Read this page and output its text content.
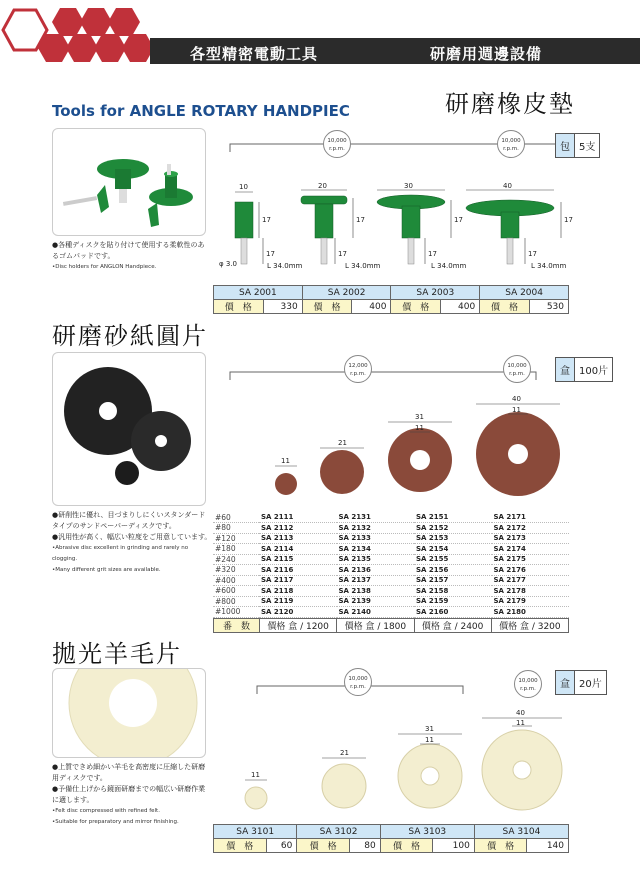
各型精密電動工具	研磨用週邊設備
Tools for ANGLE ROTARY HANDPIEC	研磨橡皮墊
●各種ディスクを貼り付けて使用する柔軟性のあるゴムパッドです。
•Disc holders for ANGLON Handpiece.
10,000 r.p.m.
10,000 r.p.m.	包 5支
10	20	30	40
17	17	17	17
17	17	17	17
φ 3.0	L 34.0mm	L 34.0mm	L 34.0mm	L 34.0mm
SA 2001		SA 2002		SA 2003		SA 2004	
價　格	330	價　格	400	價　格	400	價　格	530
研磨砂紙圓片
●研削性に優れ、目づまりしにくいスタンダードタイプのサンドペーパーディスクです。
●汎用性が高く、幅広い粒度をご用意しています。
•Abrasive disc excellent in grinding and rarely no clogging.
•Many different grit sizes are available.
12,000 r.p.m.
10,000 r.p.m.	盒 100片
11
21
31
11
40
11
#60	SA 2111	SA 2131	SA 2151	SA 2171
#80	SA 2112	SA 2132	SA 2152	SA 2172
#120	SA 2113	SA 2133	SA 2153	SA 2173
#180	SA 2114	SA 2134	SA 2154	SA 2174
#240	SA 2115	SA 2135	SA 2155	SA 2175
#320	SA 2116	SA 2136	SA 2156	SA 2176
#400	SA 2117	SA 2137	SA 2157	SA 2177
#600	SA 2118	SA 2138	SA 2158	SA 2178
#800	SA 2119	SA 2139	SA 2159	SA 2179
#1000	SA 2120	SA 2140	SA 2160	SA 2180
番　数	價格 盒 / 1200	價格 盒 / 1800	價格 盒 / 2400	價格 盒 / 3200
拋光羊毛片
●上質できめ細かい羊毛を高密度に圧縮した研磨用ディスクです。
●予備仕上げから鏡面研磨までの幅広い研磨作業に適します。
•Felt disc compressed with refined felt.
•Suitable for preparatory and mirror finishing.
10,000 r.p.m.
10,000 r.p.m.	盒 20片
11
21
31
11
40
11
SA 3101		SA 3102		SA 3103		SA 3104	
價　格	60	價　格	80	價　格	100	價　格	140
